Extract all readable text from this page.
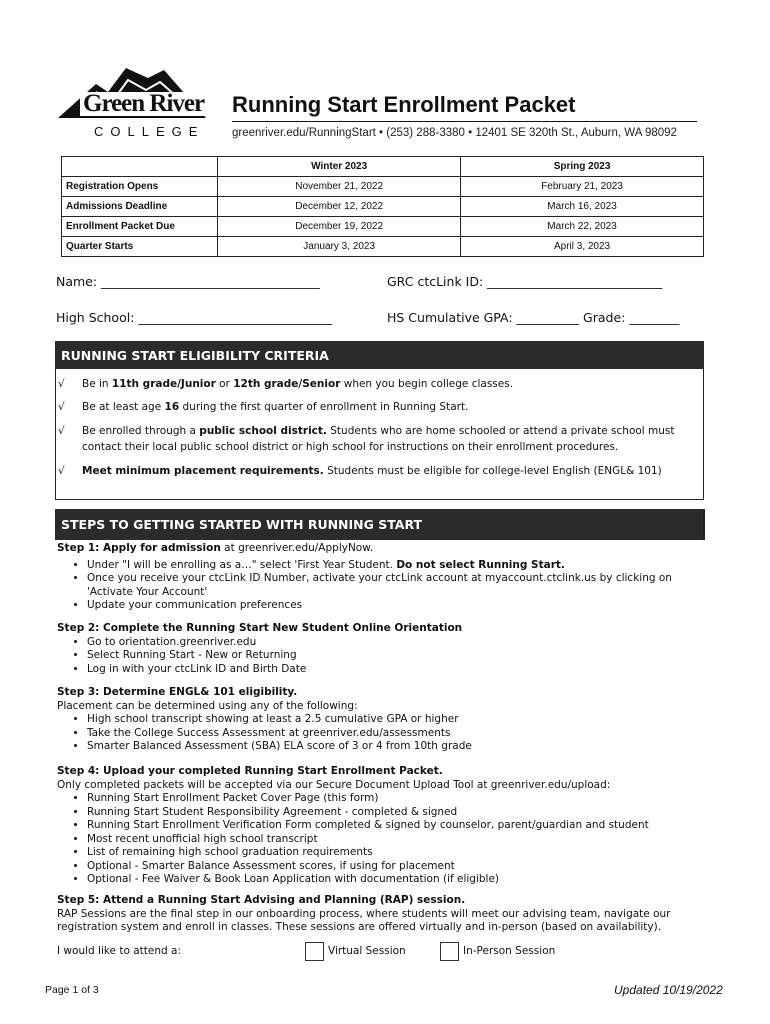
Green River
COLLEGE
Running Start Enrollment Packet
greenriver.edu/RunningStart • (253) 288-3380 • 12401 SE 320th St., Auburn, WA 98092
	Winter 2023	Spring 2023
Registration Opens	November 21, 2022	February 21, 2023
Admissions Deadline	December 12, 2022	March 16, 2023
Enrollment Packet Due	December 19, 2022	March 22, 2023
Quarter Starts	January 3, 2023	April 3, 2023
Name: ___________________________________	GRC ctcLink ID: ____________________________
High School: _______________________________	HS Cumulative GPA: __________ Grade: ________
RUNNING START ELIGIBILITY CRITERIA
√ Be in 11th grade/Junior or 12th grade/Senior when you begin college classes.
√ Be at least age 16 during the first quarter of enrollment in Running Start.
√ Be enrolled through a public school district. Students who are home schooled or attend a private school must contact their local public school district or high school for instructions on their enrollment procedures.
√ Meet minimum placement requirements. Students must be eligible for college-level English (ENGL& 101)
STEPS TO GETTING STARTED WITH RUNNING START
Step 1: Apply for admission at greenriver.edu/ApplyNow.
• Under "I will be enrolling as a…" select 'First Year Student. Do not select Running Start.
• Once you receive your ctcLink ID Number, activate your ctcLink account at myaccount.ctclink.us by clicking on 'Activate Your Account'
• Update your communication preferences
Step 2: Complete the Running Start New Student Online Orientation
• Go to orientation.greenriver.edu
• Select Running Start - New or Returning
• Log in with your ctcLink ID and Birth Date
Step 3: Determine ENGL& 101 eligibility.
Placement can be determined using any of the following:
• High school transcript showing at least a 2.5 cumulative GPA or higher
• Take the College Success Assessment at greenriver.edu/assessments
• Smarter Balanced Assessment (SBA) ELA score of 3 or 4 from 10th grade
Step 4: Upload your completed Running Start Enrollment Packet.
Only completed packets will be accepted via our Secure Document Upload Tool at greenriver.edu/upload:
• Running Start Enrollment Packet Cover Page (this form)
• Running Start Student Responsibility Agreement - completed & signed
• Running Start Enrollment Verification Form completed & signed by counselor, parent/guardian and student
• Most recent unofficial high school transcript
• List of remaining high school graduation requirements
• Optional - Smarter Balance Assessment scores, if using for placement
• Optional - Fee Waiver & Book Loan Application with documentation (if eligible)
Step 5: Attend a Running Start Advising and Planning (RAP) session.
RAP Sessions are the final step in our onboarding process, where students will meet our advising team, navigate our registration system and enroll in classes. These sessions are offered virtually and in-person (based on availability).
I would like to attend a:	Virtual Session	In-Person Session
Page 1 of 3	Updated 10/19/2022
